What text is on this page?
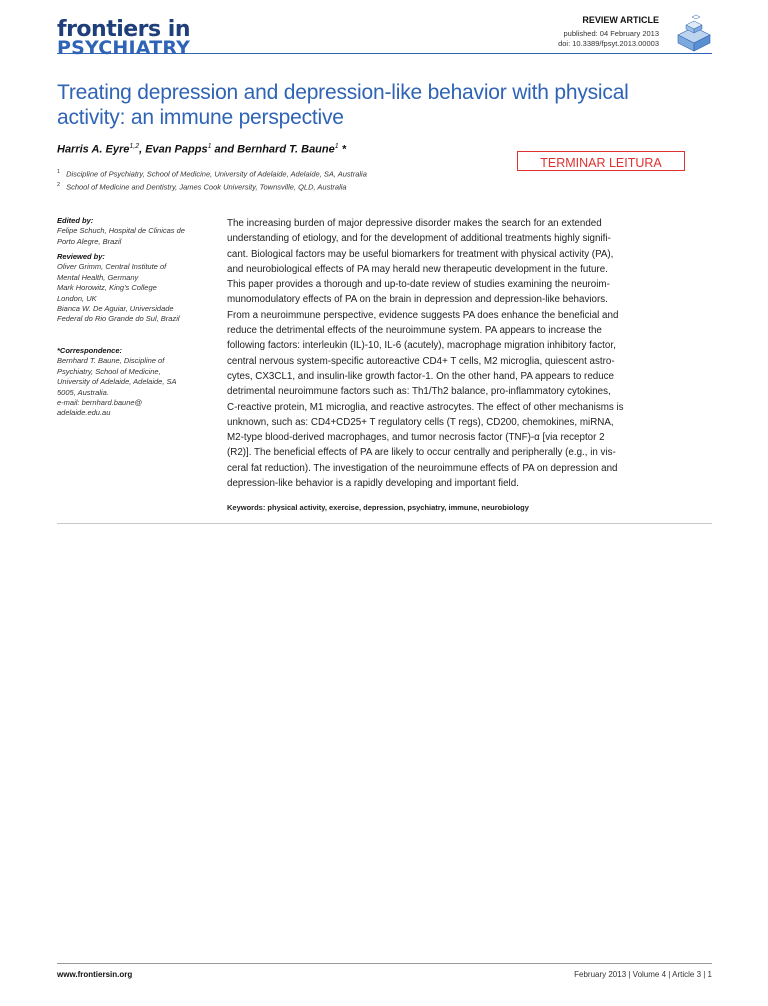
frontiers in
PSYCHIATRY
REVIEW ARTICLE
published: 04 February 2013
doi: 10.3389/fpsyt.2013.00003
Treating depression and depression-like behavior with physical activity: an immune perspective
Harris A. Eyre$^{1,2}$, Evan Papps$^1$ and Bernhard T. Baune$^1$ *
TERMINAR LEITURA
$^1$ Discipline of Psychiatry, School of Medicine, University of Adelaide, Adelaide, SA, Australia
$^2$ School of Medicine and Dentistry, James Cook University, Townsville, QLD, Australia
Edited by:
Felipe Schuch, Hospital de Clinicas de
Porto Alegre, Brazil
Reviewed by:
Oliver Grimm, Central Institute of
Mental Health, Germany
Mark Horowitz, King's College
London, UK
Bianca W. De Aguiar, Universidade
Federal do Rio Grande do Sul, Brazil
*Correspondence:
Bernhard T. Baune, Discipline of
Psychiatry, School of Medicine,
University of Adelaide, Adelaide, SA
5005, Australia.
e-mail: bernhard.baune@
adelaide.edu.au
The increasing burden of major depressive disorder makes the search for an extended
understanding of etiology, and for the development of additional treatments highly signifi-
cant. Biological factors may be useful biomarkers for treatment with physical activity (PA),
and neurobiological effects of PA may herald new therapeutic development in the future.
This paper provides a thorough and up-to-date review of studies examining the neuroim-
munomodulatory effects of PA on the brain in depression and depression-like behaviors.
From a neuroimmune perspective, evidence suggests PA does enhance the beneficial and
reduce the detrimental effects of the neuroimmune system. PA appears to increase the
following factors: interleukin (IL)-10, IL-6 (acutely), macrophage migration inhibitory factor,
central nervous system-specific autoreactive CD4+ T cells, M2 microglia, quiescent astro-
cytes, CX3CL1, and insulin-like growth factor-1. On the other hand, PA appears to reduce
detrimental neuroimmune factors such as: Th1/Th2 balance, pro-inflammatory cytokines,
C-reactive protein, M1 microglia, and reactive astrocytes. The effect of other mechanisms is
unknown, such as: CD4+CD25+ T regulatory cells (T regs), CD200, chemokines, miRNA,
M2-type blood-derived macrophages, and tumor necrosis factor (TNF)-α [via receptor 2
(R2)]. The beneficial effects of PA are likely to occur centrally and peripherally (e.g., in vis-
ceral fat reduction). The investigation of the neuroimmune effects of PA on depression and
depression-like behavior is a rapidly developing and important field.
Keywords: physical activity, exercise, depression, psychiatry, immune, neurobiology
www.frontiersin.org	February 2013 | Volume 4 | Article 3 | 1
